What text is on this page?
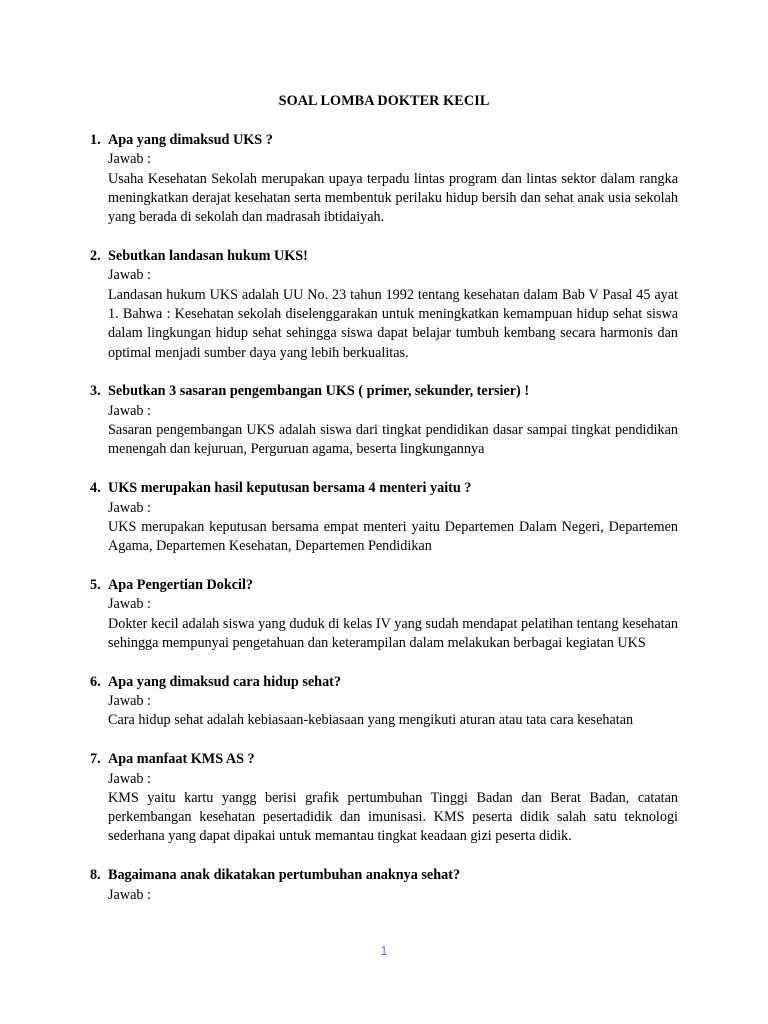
SOAL LOMBA DOKTER KECIL
1. Apa yang dimaksud UKS ?
Jawab :
Usaha Kesehatan Sekolah merupakan upaya terpadu lintas program dan lintas sektor dalam rangka meningkatkan derajat kesehatan serta membentuk perilaku hidup bersih dan sehat anak usia sekolah yang berada di sekolah dan madrasah ibtidaiyah.
2. Sebutkan landasan hukum UKS!
Jawab :
Landasan hukum UKS adalah UU No. 23 tahun 1992 tentang kesehatan dalam Bab V Pasal 45 ayat 1. Bahwa : Kesehatan sekolah diselenggarakan untuk meningkatkan kemampuan hidup sehat siswa dalam lingkungan hidup sehat sehingga siswa dapat belajar tumbuh kembang secara harmonis dan optimal menjadi sumber daya yang lebih berkualitas.
3. Sebutkan 3 sasaran pengembangan UKS ( primer, sekunder, tersier) !
Jawab :
Sasaran pengembangan UKS adalah siswa dari tingkat pendidikan dasar sampai tingkat pendidikan menengah dan kejuruan, Perguruan agama, beserta lingkungannya
4. UKS merupakan hasil keputusan bersama 4 menteri yaitu ?
Jawab :
UKS merupakan keputusan bersama empat menteri yaitu Departemen Dalam Negeri, Departemen Agama, Departemen Kesehatan, Departemen Pendidikan
5. Apa Pengertian Dokcil?
Jawab :
Dokter kecil adalah siswa yang duduk di kelas IV yang sudah mendapat pelatihan tentang kesehatan sehingga mempunyai pengetahuan dan keterampilan dalam melakukan berbagai kegiatan UKS
6. Apa yang dimaksud cara hidup sehat?
Jawab :
Cara hidup sehat adalah kebiasaan-kebiasaan yang mengikuti aturan atau tata cara kesehatan
7. Apa manfaat KMS AS ?
Jawab :
KMS yaitu kartu yangg berisi grafik pertumbuhan Tinggi Badan dan Berat Badan, catatan perkembangan kesehatan pesertadidik dan imunisasi. KMS peserta didik salah satu teknologi sederhana yang dapat dipakai untuk memantau tingkat keadaan gizi peserta didik.
8. Bagaimana anak dikatakan pertumbuhan anaknya sehat?
Jawab :
1
